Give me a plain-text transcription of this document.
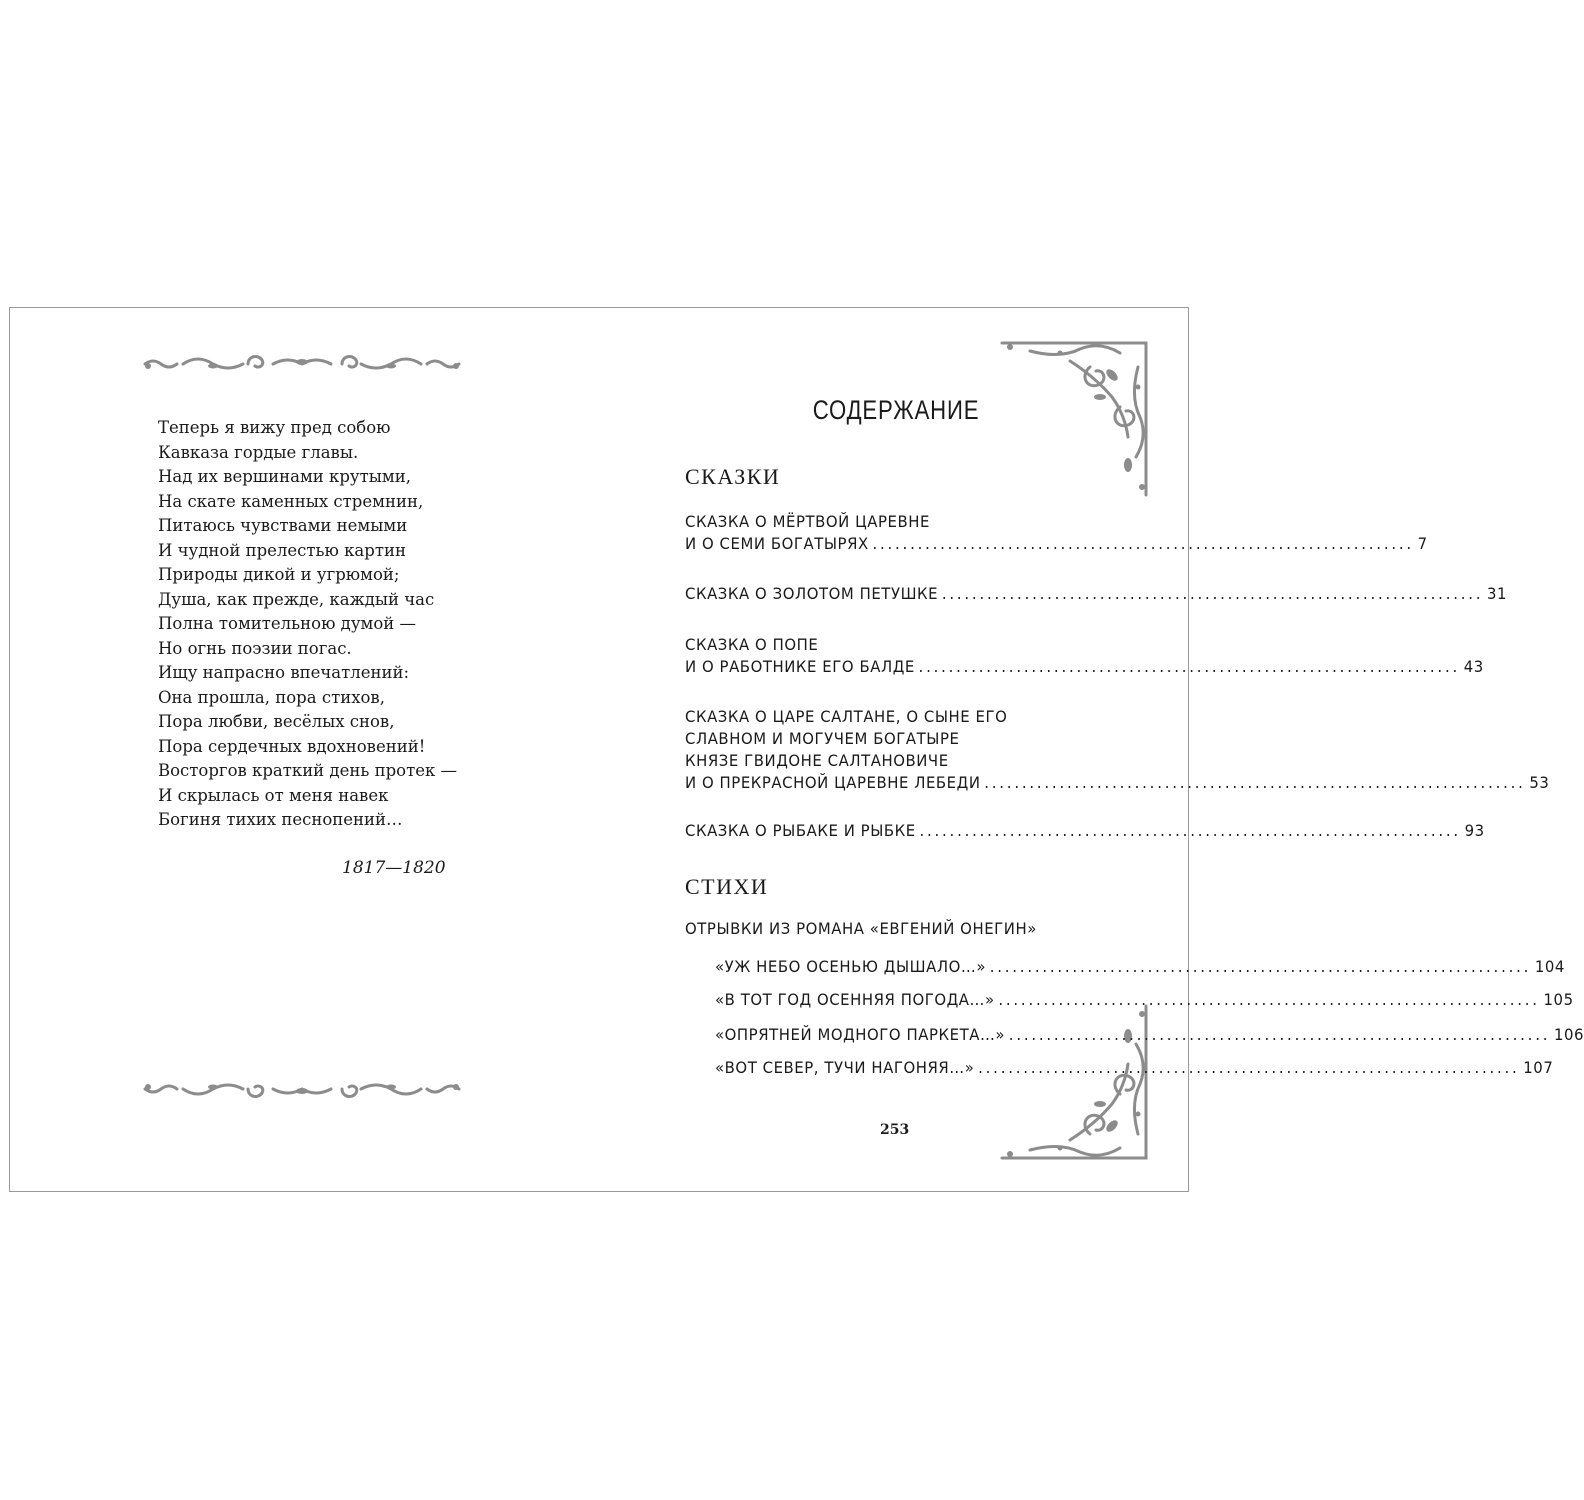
Теперь я вижу пред собою
Кавказа гордые главы.
Над их вершинами крутыми,
На скате каменных стремнин,
Питаюсь чувствами немыми
И чудной прелестью картин
Природы дикой и угрюмой;
Душа, как прежде, каждый час
Полна томительною думой —
Но огнь поэзии погас.
Ищу напрасно впечатлений:
Она прошла, пора стихов,
Пора любви, весёлых снов,
Пора сердечных вдохновений!
Восторгов краткий день протек —
И скрылась от меня навек
Богиня тихих песнопений…
1817—1820
СОДЕРЖАНИЕ
СКАЗКИ
СКАЗКА О МЁРТВОЙ ЦАРЕВНЕ
И О СЕМИ БОГАТЫРЯХ ........................................................................ 7
СКАЗКА О ЗОЛОТОМ ПЕТУШКЕ ........................................................................ 31
СКАЗКА О ПОПЕ
И О РАБОТНИКЕ ЕГО БАЛДЕ ........................................................................ 43
СКАЗКА О ЦАРЕ САЛТАНЕ, О СЫНЕ ЕГО
СЛАВНОМ И МОГУЧЕМ БОГАТЫРЕ
КНЯЗЕ ГВИДОНЕ САЛТАНОВИЧЕ
И О ПРЕКРАСНОЙ ЦАРЕВНЕ ЛЕБЕДИ ........................................................................ 53
СКАЗКА О РЫБАКЕ И РЫБКЕ ........................................................................ 93
СТИХИ
ОТРЫВКИ ИЗ РОМАНА «ЕВГЕНИЙ ОНЕГИН»
«УЖ НЕБО ОСЕНЬЮ ДЫШАЛО…» ........................................................................ 104
«В ТОТ ГОД ОСЕННЯЯ ПОГОДА…» ........................................................................ 105
«ОПРЯТНЕЙ МОДНОГО ПАРКЕТА…» ........................................................................ 106
«ВОТ СЕВЕР, ТУЧИ НАГОНЯЯ…» ........................................................................ 107
253
